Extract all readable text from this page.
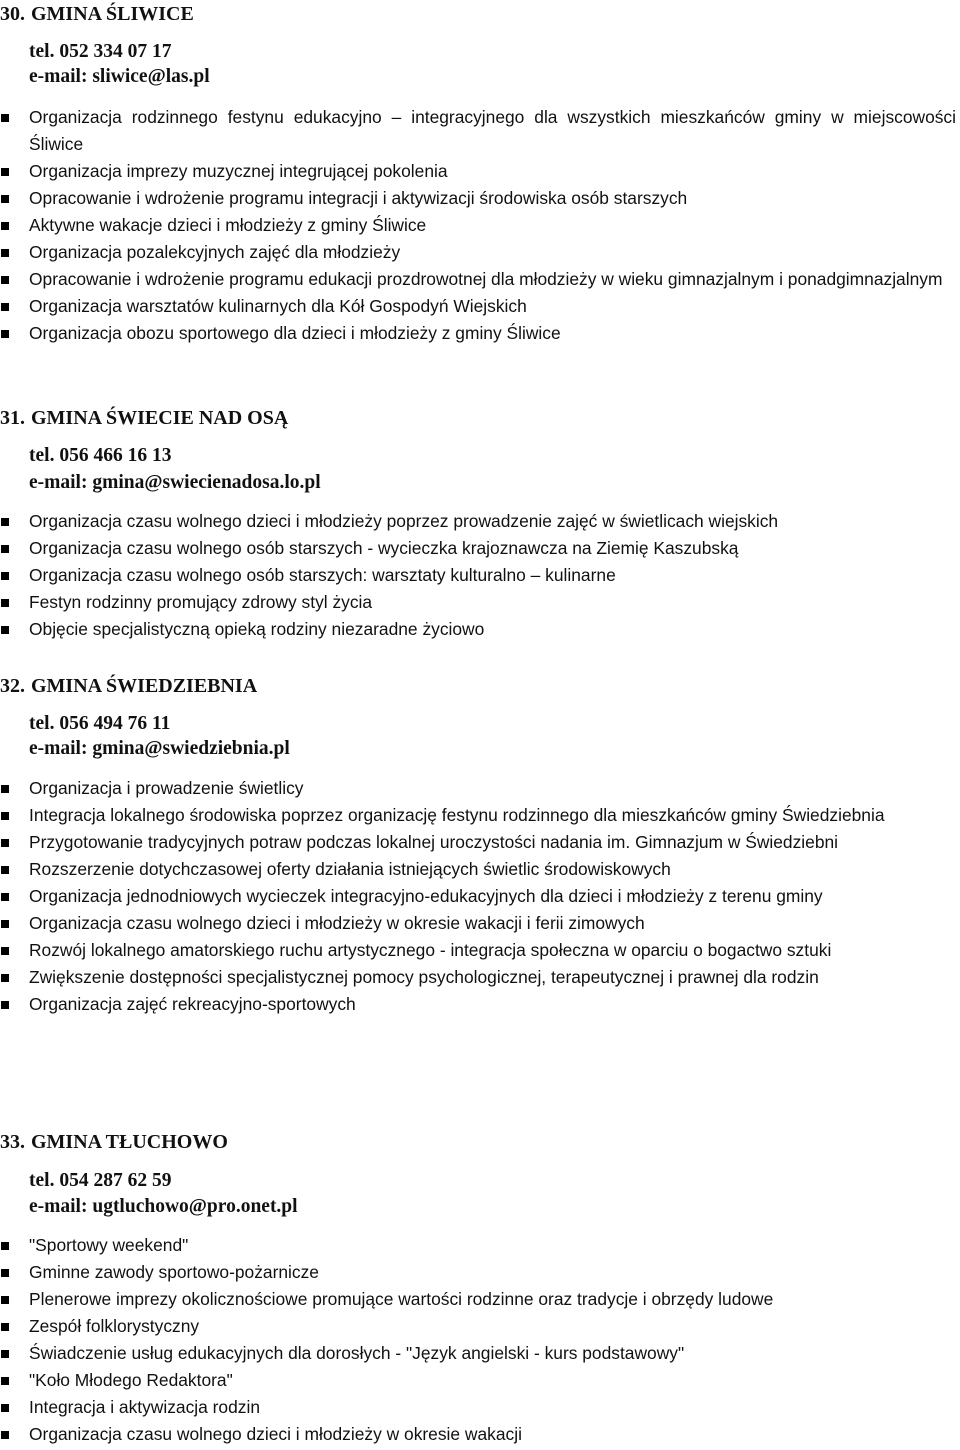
30. GMINA ŚLIWICE
tel. 052 334 07 17
e-mail: sliwice@las.pl
Organizacja rodzinnego festynu edukacyjno – integracyjnego dla wszystkich mieszkańców gminy w miejscowości Śliwice
Organizacja imprezy muzycznej integrującej pokolenia
Opracowanie i wdrożenie programu integracji i aktywizacji środowiska osób starszych
Aktywne wakacje dzieci i młodzieży z gminy Śliwice
Organizacja pozalekcyjnych zajęć dla młodzieży
Opracowanie i wdrożenie programu edukacji prozdrowotnej dla młodzieży w wieku gimnazjalnym i ponadgimnazjalnym
Organizacja warsztatów kulinarnych dla Kół Gospodyń Wiejskich
Organizacja obozu sportowego dla dzieci i młodzieży z gminy Śliwice
31. GMINA ŚWIECIE NAD OSĄ
tel. 056 466 16 13
e-mail: gmina@swiecienadosa.lo.pl
Organizacja czasu wolnego dzieci i młodzieży poprzez prowadzenie zajęć w świetlicach wiejskich
Organizacja czasu wolnego osób starszych - wycieczka krajoznawcza na Ziemię Kaszubską
Organizacja czasu wolnego osób starszych: warsztaty kulturalno – kulinarne
Festyn rodzinny promujący zdrowy styl życia
Objęcie specjalistyczną opieką rodziny niezaradne życiowo
32. GMINA ŚWIEDZIEBNIA
tel. 056 494 76 11
e-mail: gmina@swiedziebnia.pl
Organizacja i prowadzenie świetlicy
Integracja lokalnego środowiska poprzez organizację festynu rodzinnego dla mieszkańców gminy Świedziebnia
Przygotowanie tradycyjnych potraw podczas lokalnej uroczystości nadania im. Gimnazjum w Świedziebni
Rozszerzenie dotychczasowej oferty działania istniejących świetlic środowiskowych
Organizacja jednodniowych wycieczek integracyjno-edukacyjnych dla dzieci i młodzieży z terenu gminy
Organizacja czasu wolnego dzieci i młodzieży w okresie wakacji i ferii zimowych
Rozwój lokalnego amatorskiego ruchu artystycznego - integracja społeczna w oparciu o bogactwo sztuki
Zwiększenie dostępności specjalistycznej pomocy psychologicznej, terapeutycznej i prawnej dla rodzin
Organizacja zajęć rekreacyjno-sportowych
33. GMINA TŁUCHOWO
tel. 054 287 62 59
e-mail: ugtluchowo@pro.onet.pl
"Sportowy weekend"
Gminne zawody sportowo-pożarnicze
Plenerowe imprezy okolicznościowe promujące wartości rodzinne oraz tradycje i obrzędy ludowe
Zespół folklorystyczny
Świadczenie usług edukacyjnych dla dorosłych - "Język angielski - kurs podstawowy"
"Koło Młodego Redaktora"
Integracja i aktywizacja rodzin
Organizacja czasu wolnego dzieci i młodzieży w okresie wakacji
